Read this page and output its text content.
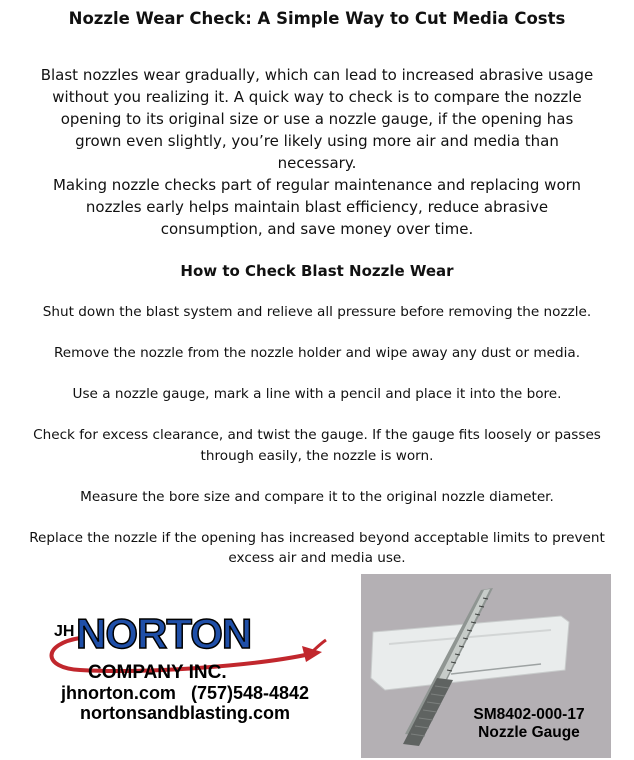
Nozzle Wear Check: A Simple Way to Cut Media Costs

Blast nozzles wear gradually, which can lead to increased abrasive usage without you realizing it. A quick way to check is to compare the nozzle opening to its original size or use a nozzle gauge, if the opening has grown even slightly, you’re likely using more air and media than necessary.

Making nozzle checks part of regular maintenance and replacing worn nozzles early helps maintain blast efficiency, reduce abrasive consumption, and save money over time.

How to Check Blast Nozzle Wear

Shut down the blast system and relieve all pressure before removing the nozzle.

Remove the nozzle from the nozzle holder and wipe away any dust or media.

Use a nozzle gauge, mark a line with a pencil and place it into the bore.

Check for excess clearance, and twist the gauge. If the gauge fits loosely or passes through easily, the nozzle is worn.

Measure the bore size and compare it to the original nozzle diameter.

Replace the nozzle if the opening has increased beyond acceptable limits to prevent excess air and media use.

JH NORTON
COMPANY INC.
jhnorton.com   (757)548-4842
nortonsandblasting.com	SM8402-000-17
Nozzle Gauge
